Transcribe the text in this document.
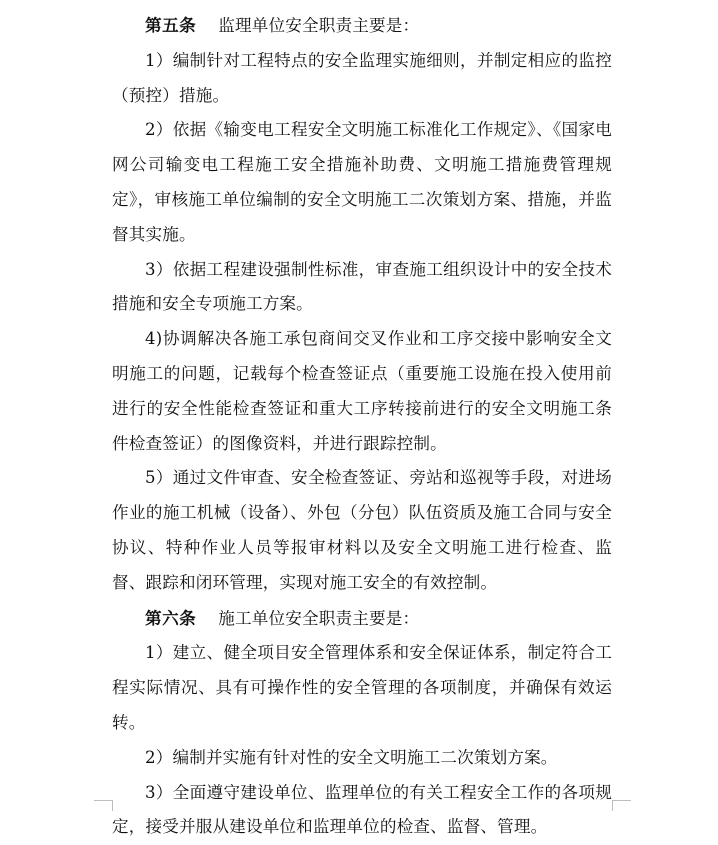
第五条 监理单位安全职责主要是：

1）编制针对工程特点的安全监理实施细则，并制定相应的监控（预控）措施。

2）依据《输变电工程安全文明施工标准化工作规定》、《国家电网公司输变电工程施工安全措施补助费、文明施工措施费管理规定》，审核施工单位编制的安全文明施工二次策划方案、措施，并监督其实施。

3）依据工程建设强制性标准，审查施工组织设计中的安全技术措施和安全专项施工方案。

4)协调解决各施工承包商间交叉作业和工序交接中影响安全文明施工的问题，记载每个检查签证点（重要施工设施在投入使用前进行的安全性能检查签证和重大工序转接前进行的安全文明施工条件检查签证）的图像资料，并进行跟踪控制。

5）通过文件审查、安全检查签证、旁站和巡视等手段，对进场作业的施工机械（设备）、外包（分包）队伍资质及施工合同与安全协议、特种作业人员等报审材料以及安全文明施工进行检查、监督、跟踪和闭环管理，实现对施工安全的有效控制。

第六条 施工单位安全职责主要是：

1）建立、健全项目安全管理体系和安全保证体系，制定符合工程实际情况、具有可操作性的安全管理的各项制度，并确保有效运转。

2）编制并实施有针对性的安全文明施工二次策划方案。

3）全面遵守建设单位、监理单位的有关工程安全工作的各项规定，接受并服从建设单位和监理单位的检查、监督、管理。
